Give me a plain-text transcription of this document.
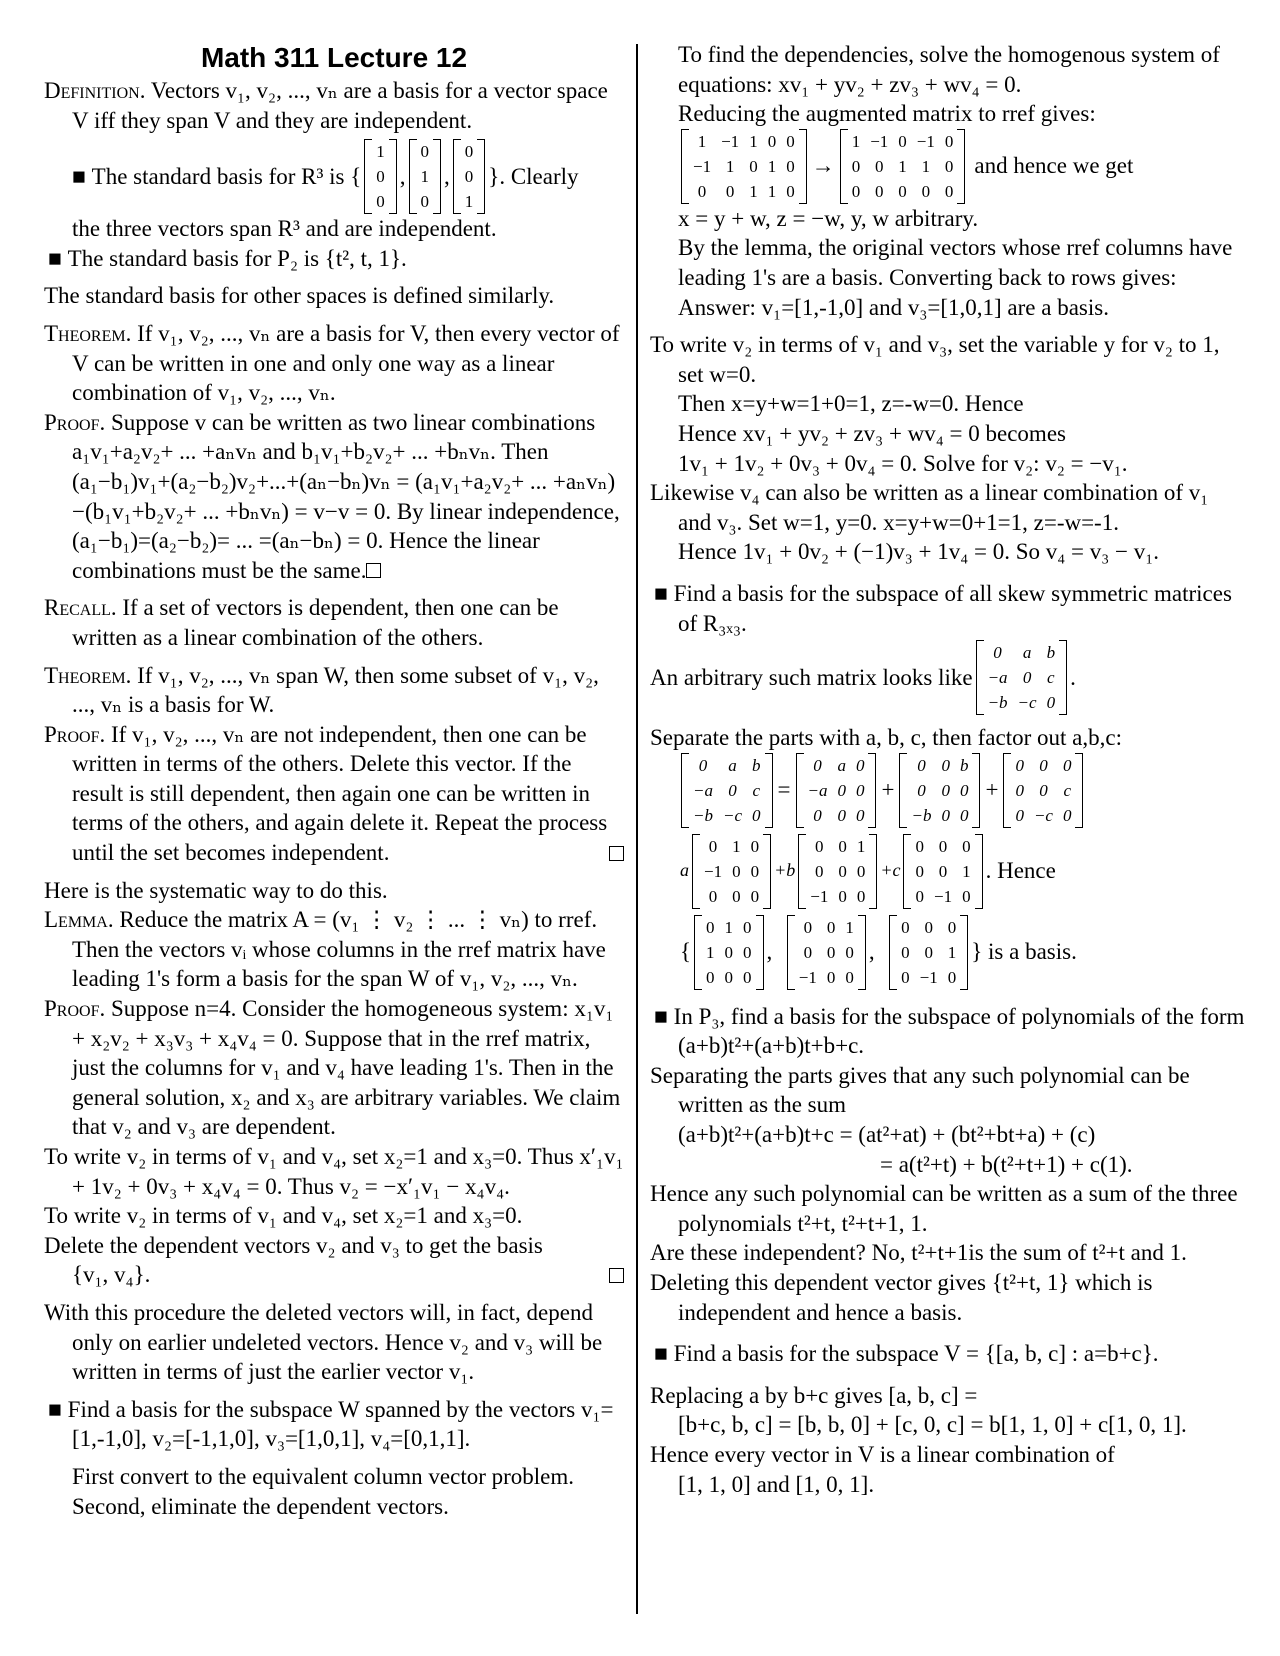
Math 311 Lecture 12

Definition. Vectors v₁, v₂, ..., vₙ are a basis for a vector space V iff they span V and they are independent.

■ The standard basis for R³ is {
1
0
0
,
0
1
0
,
0
0
1
}. Clearly

the three vectors span R³ and are independent.

■ The standard basis for P₂ is {t², t, 1}.

The standard basis for other spaces is defined similarly.

Theorem. If v₁, v₂, ..., vₙ are a basis for V, then every vector of V can be written in one and only one way as a linear combination of v₁, v₂, ..., vₙ.

Proof. Suppose v can be written as two linear combinations a₁v₁+a₂v₂+ ... +aₙvₙ and b₁v₁+b₂v₂+ ... +bₙvₙ. Then (a₁−b₁)v₁+(a₂−b₂)v₂+...+(aₙ−bₙ)vₙ = (a₁v₁+a₂v₂+ ... +aₙvₙ)−(b₁v₁+b₂v₂+ ... +bₙvₙ) = v−v = 0. By linear independence, (a₁−b₁)=(a₂−b₂)= ... =(aₙ−bₙ) = 0. Hence the linear combinations must be the same.

Recall. If a set of vectors is dependent, then one can be written as a linear combination of the others.

Theorem. If v₁, v₂, ..., vₙ span W, then some subset of v₁, v₂, ..., vₙ is a basis for W.

Proof. If v₁, v₂, ..., vₙ are not independent, then one can be written in terms of the others. Delete this vector. If the result is still dependent, then again one can be written in terms of the others, and again delete it. Repeat the process until the set becomes independent.

Here is the systematic way to do this.

Lemma. Reduce the matrix A = (v₁ ⋮ v₂ ⋮ ... ⋮ vₙ) to rref. Then the vectors vᵢ whose columns in the rref matrix have leading 1's form a basis for the span W of v₁, v₂, ..., vₙ.

Proof. Suppose n=4. Consider the homogeneous system: x₁v₁ + x₂v₂ + x₃v₃ + x₄v₄ = 0. Suppose that in the rref matrix, just the columns for v₁ and v₄ have leading 1's. Then in the general solution, x₂ and x₃ are arbitrary variables. We claim that v₂ and v₃ are dependent.

To write v₂ in terms of v₁ and v₄, set x₂=1 and x₃=0. Thus x′₁v₁ + 1v₂ + 0v₃ + x₄v₄ = 0. Thus v₂ = −x′₁v₁ − x₄v₄.

To write v₂ in terms of v₁ and v₄, set x₂=1 and x₃=0.

Delete the dependent vectors v₂ and v₃ to get the basis

{v₁, v₄}.

With this procedure the deleted vectors will, in fact, depend only on earlier undeleted vectors. Hence v₂ and v₃ will be written in terms of just the earlier vector v₁.

■ Find a basis for the subspace W spanned by the vectors v₁=[1,-1,0], v₂=[-1,1,0], v₃=[1,0,1], v₄=[0,1,1].

First convert to the equivalent column vector problem.

Second, eliminate the dependent vectors.

To find the dependencies, solve the homogenous system of equations: xv₁ + yv₂ + zv₃ + wv₄ = 0.

Reducing the augmented matrix to rref gives:

1	−1	1	0	0
−1	1	0	1	0
0	0	1	1	0
→
1	−1	0	−1	0
0	0	1	1	0
0	0	0	0	0
and hence we get

x = y + w, z = −w, y, w arbitrary.

By the lemma, the original vectors whose rref columns have leading 1's are a basis. Converting back to rows gives:

Answer: v₁=[1,-1,0] and v₃=[1,0,1] are a basis.

To write v₂ in terms of v₁ and v₃, set the variable y for v₂ to 1, set w=0.

Then x=y+w=1+0=1, z=-w=0. Hence

Hence xv₁ + yv₂ + zv₃ + wv₄ = 0 becomes

1v₁ + 1v₂ + 0v₃ + 0v₄ = 0. Solve for v₂: v₂ = −v₁.

Likewise v₄ can also be written as a linear combination of v₁ and v₃. Set w=1, y=0. x=y+w=0+1=1, z=-w=-1.

Hence 1v₁ + 0v₂ + (−1)v₃ + 1v₄ = 0. So v₄ = v₃ − v₁.

■ Find a basis for the subspace of all skew symmetric matrices of R₃ₓ₃.

An arbitrary such matrix looks like
0	a	b
−a	0	c
−b	−c	0
.

Separate the parts with a, b, c, then factor out a,b,c:

0	a	b
−a	0	c
−b	−c	0
=
0	a	0
−a	0	0
0	0	0
+
0	0	b
0	0	0
−b	0	0
+
0	0	0
0	0	c
0	−c	0
a
0	1	0
−1	0	0
0	0	0
+b
0	0	1
0	0	0
−1	0	0
+c
0	0	0
0	0	1
0	−1	0
. Hence
{
0	1	0
1	0	0
0	0	0
,

0	0	1
0	0	0
−1	0	0
,

0	0	0
0	0	1
0	−1	0
} is a basis.

■ In P₃, find a basis for the subspace of polynomials of the form (a+b)t²+(a+b)t+b+c.

Separating the parts gives that any such polynomial can be written as the sum

(a+b)t²+(a+b)t+c = (at²+at) + (bt²+bt+a) + (c)

= a(t²+t) + b(t²+t+1) + c(1).

Hence any such polynomial can be written as a sum of the three polynomials t²+t, t²+t+1, 1.

Are these independent? No, t²+t+1is the sum of t²+t and 1.

Deleting this dependent vector gives {t²+t, 1} which is independent and hence a basis.

■ Find a basis for the subspace V = {[a, b, c] : a=b+c}.

Replacing a by b+c gives [a, b, c] =

[b+c, b, c] = [b, b, 0] + [c, 0, c] = b[1, 1, 0] + c[1, 0, 1].

Hence every vector in V is a linear combination of

[1, 1, 0] and [1, 0, 1].
